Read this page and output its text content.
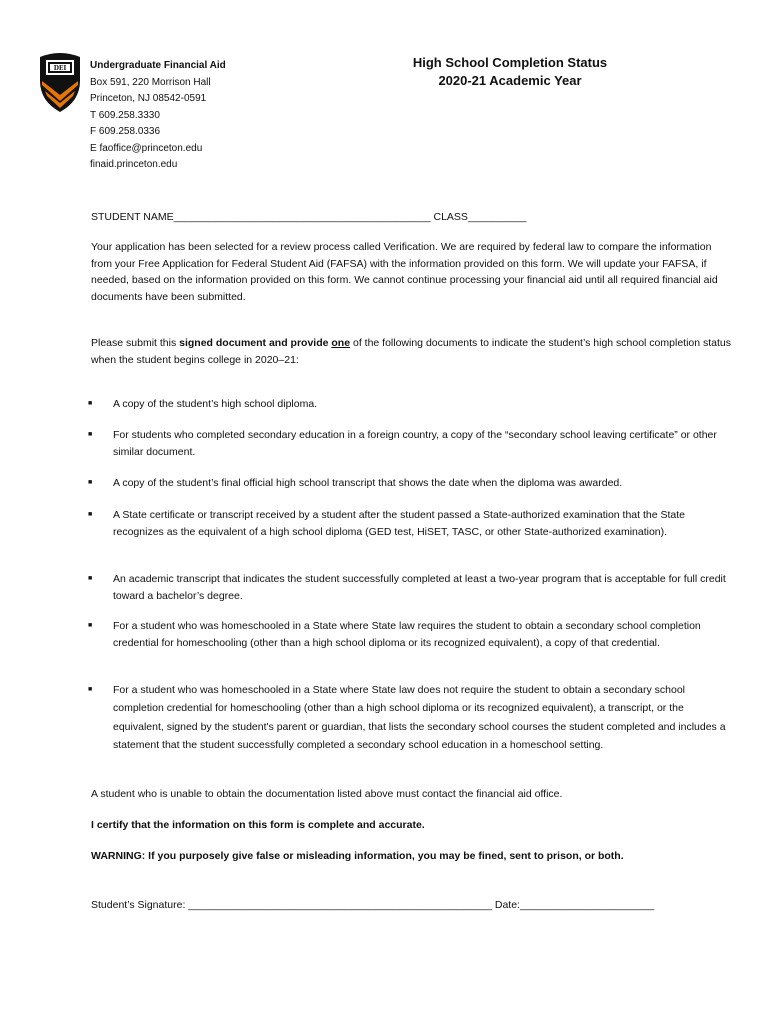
DEI Undergraduate Financial Aid
Box 591, 220 Morrison Hall
Princeton, NJ 08542-0591
T 609.258.3330
F 609.258.0336
E faoffice@princeton.edu
finaid.princeton.edu
High School Completion Status
2020-21 Academic Year
STUDENT NAME____________________________________________ CLASS__________
Your application has been selected for a review process called Verification. We are required by federal law to compare the information from your Free Application for Federal Student Aid (FAFSA) with the information provided on this form. We will update your FAFSA, if needed, based on the information provided on this form. We cannot continue processing your financial aid until all required financial aid documents have been submitted.
Please submit this signed document and provide one of the following documents to indicate the student’s high school completion status when the student begins college in 2020–21:
■ A copy of the student’s high school diploma.
■ For students who completed secondary education in a foreign country, a copy of the “secondary school leaving certificate” or other similar document.
■ A copy of the student’s final official high school transcript that shows the date when the diploma was awarded.
■ A State certificate or transcript received by a student after the student passed a State-authorized examination that the State recognizes as the equivalent of a high school diploma (GED test, HiSET, TASC, or other State-authorized examination).
■ An academic transcript that indicates the student successfully completed at least a two-year program that is acceptable for full credit toward a bachelor’s degree.
■ For a student who was homeschooled in a State where State law requires the student to obtain a secondary school completion credential for homeschooling (other than a high school diploma or its recognized equivalent), a copy of that credential.
■ For a student who was homeschooled in a State where State law does not require the student to obtain a secondary school completion credential for homeschooling (other than a high school diploma or its recognized equivalent), a transcript, or the equivalent, signed by the student's parent or guardian, that lists the secondary school courses the student completed and includes a statement that the student successfully completed a secondary school education in a homeschool setting.
A student who is unable to obtain the documentation listed above must contact the financial aid office.
I certify that the information on this form is complete and accurate.
WARNING: If you purposely give false or misleading information, you may be fined, sent to prison, or both.
Student’s Signature: ____________________________________________________ Date:_______________________
